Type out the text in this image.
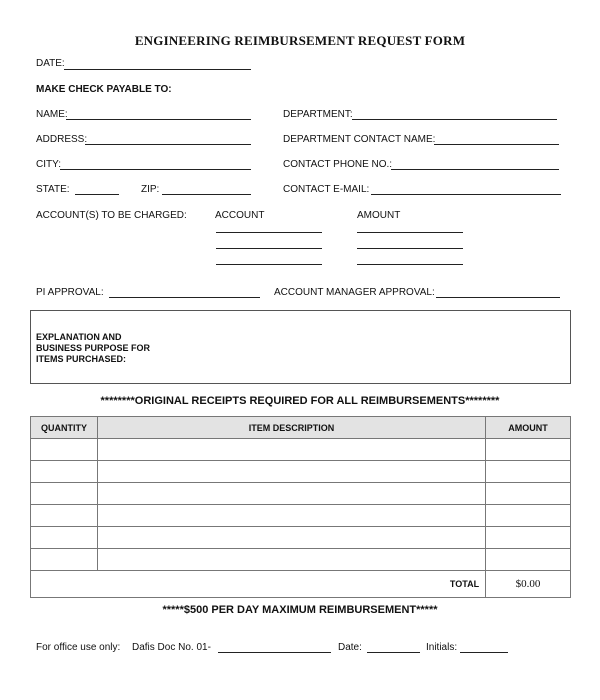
ENGINEERING REIMBURSEMENT REQUEST FORM
DATE:
MAKE CHECK PAYABLE TO:
NAME:	DEPARTMENT:
ADDRESS:	DEPARTMENT CONTACT NAME:
CITY:	CONTACT PHONE NO.:
STATE:	ZIP:	CONTACT E-MAIL:
ACCOUNT(S) TO BE CHARGED:	ACCOUNT	AMOUNT
PI APPROVAL:	ACCOUNT MANAGER APPROVAL:
EXPLANATION AND
BUSINESS PURPOSE FOR
ITEMS PURCHASED:
********ORIGINAL RECEIPTS REQUIRED FOR ALL REIMBURSEMENTS********
QUANTITY	ITEM DESCRIPTION	AMOUNT

TOTAL		$0.00
*****$500 PER DAY MAXIMUM REIMBURSEMENT*****
For office use only: Dafis Doc No. 01-	Date:	Initials:
